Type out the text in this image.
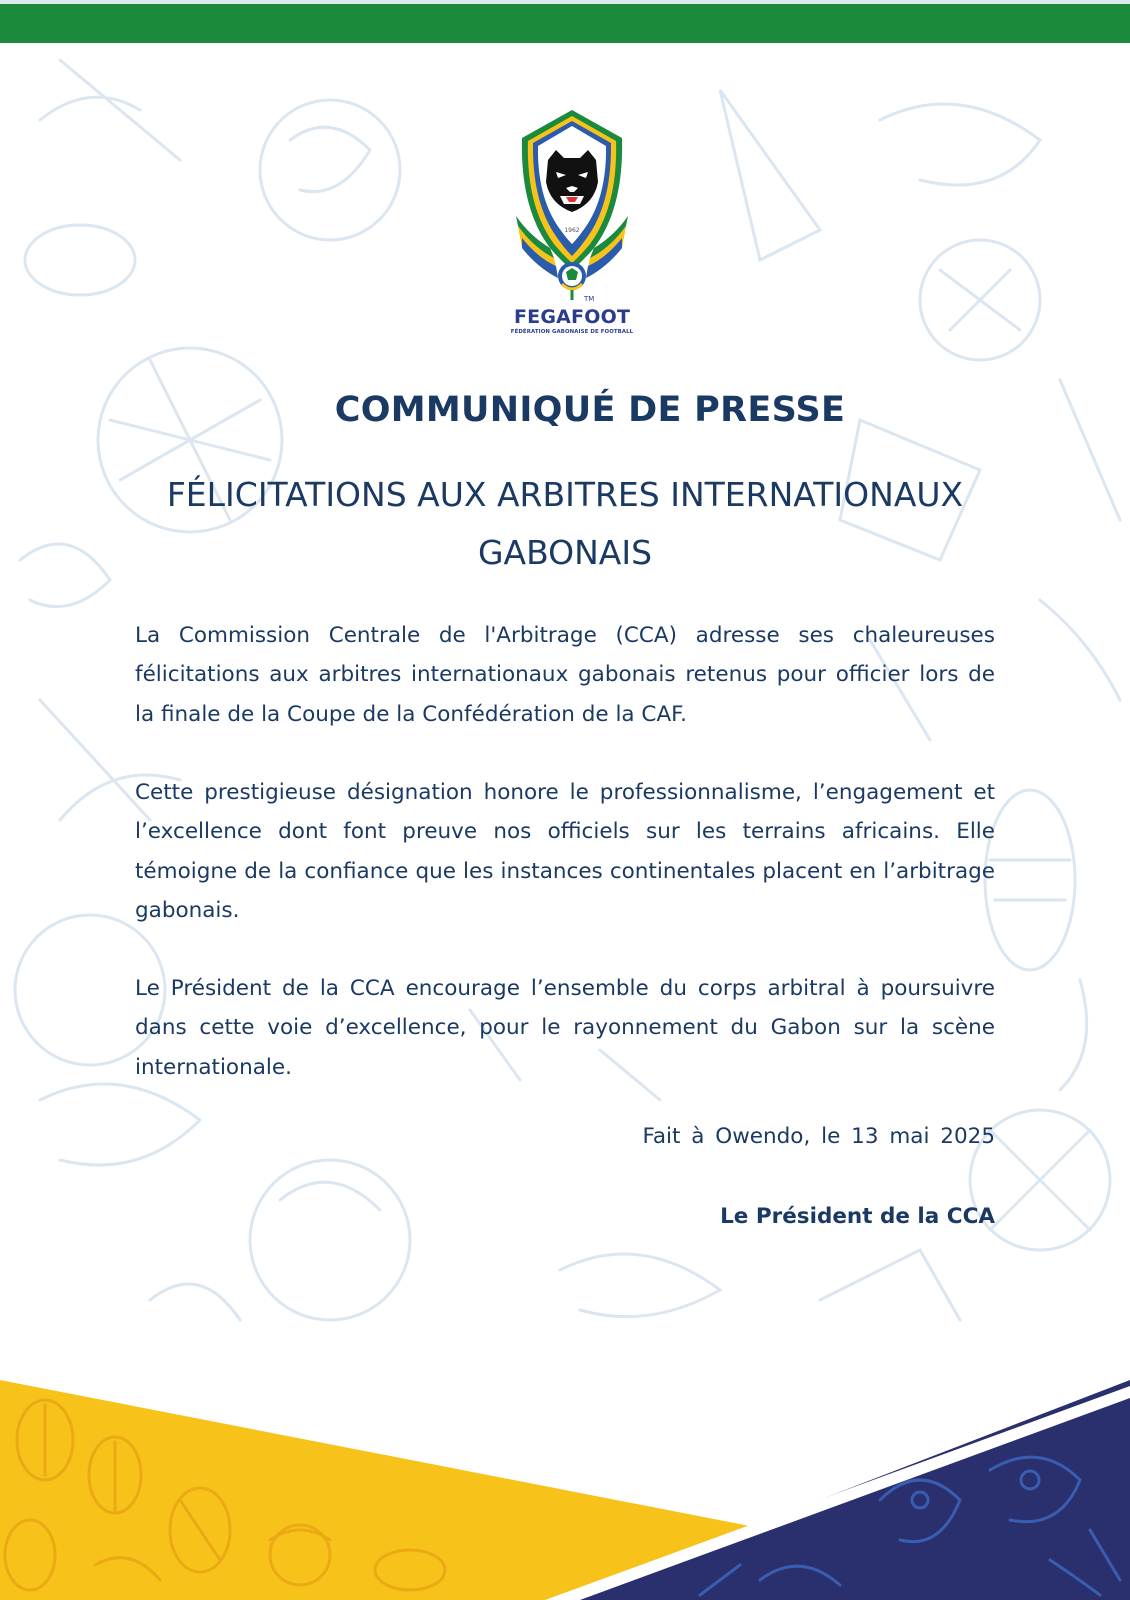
1962
FEGAFOOT
FÉDÉRATION GABONAISE DE FOOTBALL
TM
COMMUNIQUÉ DE PRESSE
FÉLICITATIONS AUX ARBITRES INTERNATIONAUX
GABONAIS
La Commission Centrale de l'Arbitrage (CCA) adresse ses chaleureuses félicitations aux arbitres internationaux gabonais retenus pour officier lors de la finale de la Coupe de la Confédération de la CAF.
Cette prestigieuse désignation honore le professionnalisme, l’engagement et l’excellence dont font preuve nos officiels sur les terrains africains. Elle témoigne de la confiance que les instances continentales placent en l’arbitrage gabonais.
Le Président de la CCA encourage l’ensemble du corps arbitral à poursuivre dans cette voie d’excellence, pour le rayonnement du Gabon sur la scène internationale.
Fait à Owendo, le 13 mai 2025
Le Président de la CCA
